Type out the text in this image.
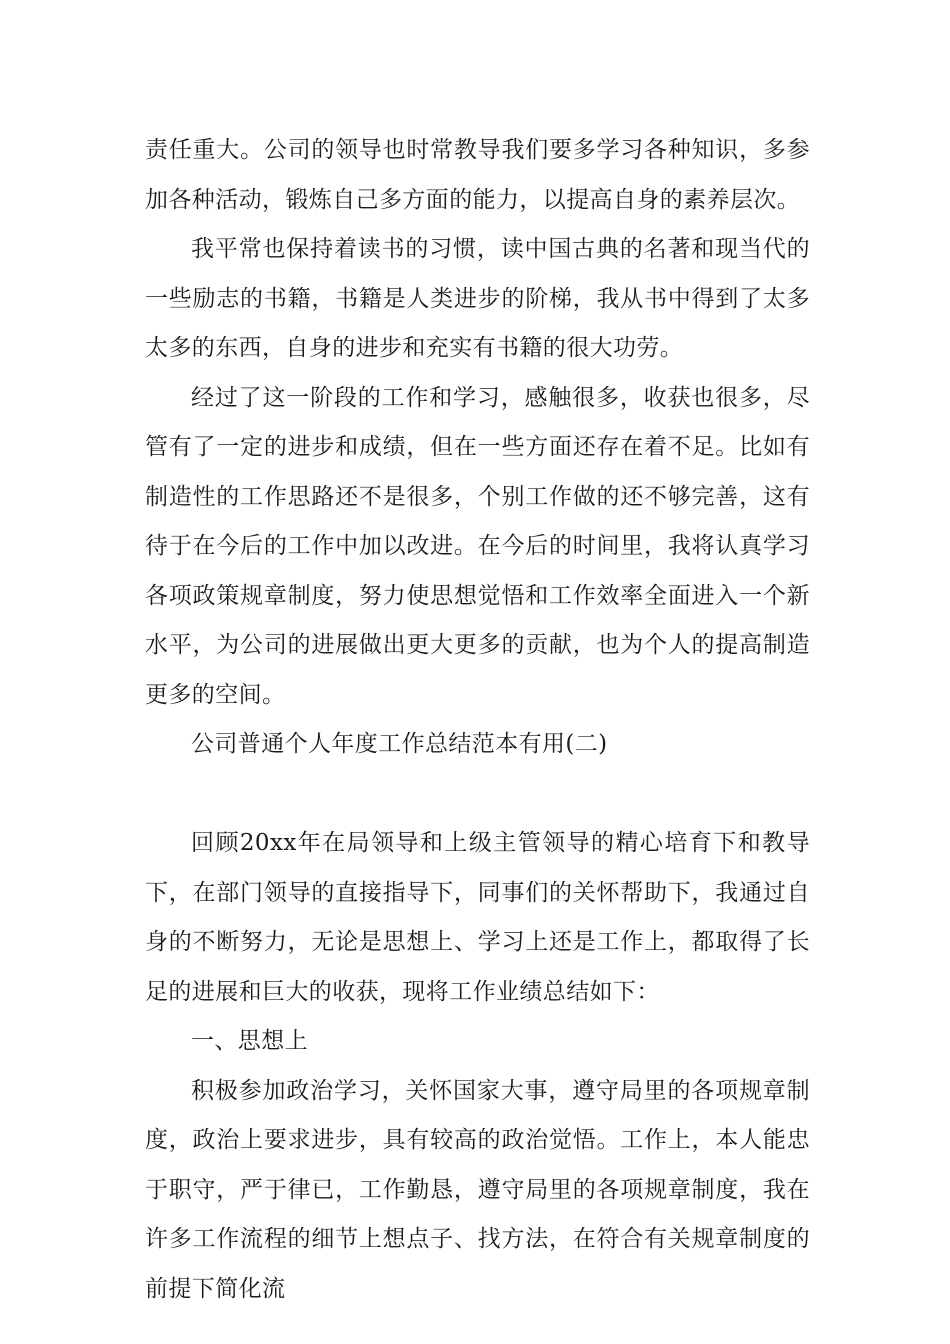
责任重大。公司的领导也时常教导我们要多学习各种知识，多参加各种活动，锻炼自己多方面的能力，以提高自身的素养层次。

我平常也保持着读书的习惯，读中国古典的名著和现当代的一些励志的书籍，书籍是人类进步的阶梯，我从书中得到了太多太多的东西，自身的进步和充实有书籍的很大功劳。

经过了这一阶段的工作和学习，感触很多，收获也很多，尽管有了一定的进步和成绩，但在一些方面还存在着不足。比如有制造性的工作思路还不是很多，个别工作做的还不够完善，这有待于在今后的工作中加以改进。在今后的时间里，我将认真学习各项政策规章制度，努力使思想觉悟和工作效率全面进入一个新水平，为公司的进展做出更大更多的贡献，也为个人的提高制造更多的空间。

公司普通个人年度工作总结范本有用(二)

回顾20xx年在局领导和上级主管领导的精心培育下和教导下，在部门领导的直接指导下，同事们的关怀帮助下，我通过自身的不断努力，无论是思想上、学习上还是工作上，都取得了长足的进展和巨大的收获，现将工作业绩总结如下：

一、思想上

积极参加政治学习，关怀国家大事，遵守局里的各项规章制度，政治上要求进步，具有较高的政治觉悟。工作上，本人能忠于职守，严于律已，工作勤恳，遵守局里的各项规章制度，我在许多工作流程的细节上想点子、找方法，在符合有关规章制度的前提下简化流
